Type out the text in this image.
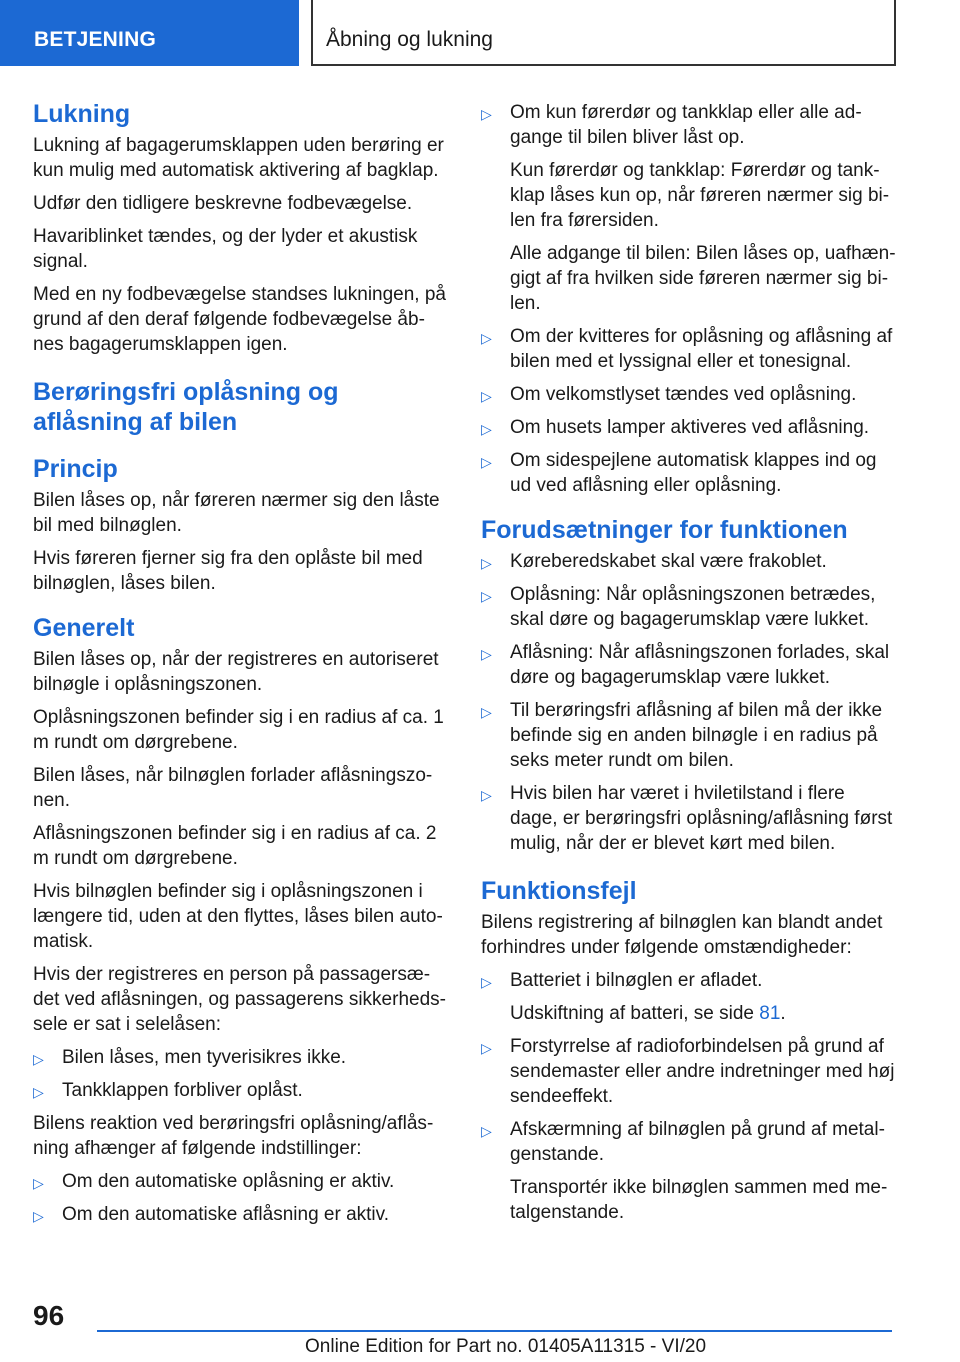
BETJENING	Åbning og lukning
Lukning

Lukning af bagagerumsklappen uden berøring er kun mulig med automatisk aktivering af bagklap.

Udfør den tidligere beskrevne fodbevægelse.

Havariblinket tændes, og der lyder et akustisk signal.

Med en ny fodbevægelse standses lukningen, på grund af den deraf følgende fodbevægelse åbnes bagagerumsklappen igen.

Berøringsfri oplåsning og aflåsning af bilen
Princip

Bilen låses op, når føreren nærmer sig den låste bil med bilnøglen.

Hvis føreren fjerner sig fra den oplåste bil med bilnøglen, låses bilen.

Generelt

Bilen låses op, når der registreres en autoriseret bilnøgle i oplåsningszonen.

Oplåsningszonen befinder sig i en radius af ca. 1 m rundt om dørgrebene.

Bilen låses, når bilnøglen forlader aflåsningszonen.

Aflåsningszonen befinder sig i en radius af ca. 2 m rundt om dørgrebene.

Hvis bilnøglen befinder sig i oplåsningszonen i længere tid, uden at den flyttes, låses bilen automatisk.

Hvis der registreres en person på passagersædet ved aflåsningen, og passagerens sikkerhedssele er sat i selelåsen:

▷ Bilen låses, men tyverisikres ikke.
▷ Tankklappen forbliver oplåst.

Bilens reaktion ved berøringsfri oplåsning/aflåsning afhænger af følgende indstillinger:

▷ Om den automatiske oplåsning er aktiv.
▷ Om den automatiske aflåsning er aktiv.
▷ Om kun førerdør og tankklap eller alle adgange til bilen bliver låst op.
Kun førerdør og tankklap: Førerdør og tankklap låses kun op, når føreren nærmer sig bilen fra førersiden.
Alle adgange til bilen: Bilen låses op, uafhængigt af fra hvilken side føreren nærmer sig bilen.
▷ Om der kvitteres for oplåsning og aflåsning af bilen med et lyssignal eller et tonesignal.
▷ Om velkomstlyset tændes ved oplåsning.
▷ Om husets lamper aktiveres ved aflåsning.
▷ Om sidespejlene automatisk klappes ind og ud ved aflåsning eller oplåsning.
Forudsætninger for funktionen
▷ Køreberedskabet skal være frakoblet.
▷ Oplåsning: Når oplåsningszonen betrædes, skal døre og bagagerumsklap være lukket.
▷ Aflåsning: Når aflåsningszonen forlades, skal døre og bagagerumsklap være lukket.
▷ Til berøringsfri aflåsning af bilen må der ikke befinde sig en anden bilnøgle i en radius på seks meter rundt om bilen.
▷ Hvis bilen har været i hviletilstand i flere dage, er berøringsfri oplåsning/aflåsning først mulig, når der er blevet kørt med bilen.
Funktionsfejl

Bilens registrering af bilnøglen kan blandt andet forhindres under følgende omstændigheder:

▷ Batteriet i bilnøglen er afladet.
Udskiftning af batteri, se side 81.
▷ Forstyrrelse af radioforbindelsen på grund af sendemaster eller andre indretninger med høj sendeeffekt.
▷ Afskærmning af bilnøglen på grund af metalgenstande.
Transportér ikke bilnøglen sammen med metalgenstande.
96
Online Edition for Part no. 01405A11315 - VI/20
